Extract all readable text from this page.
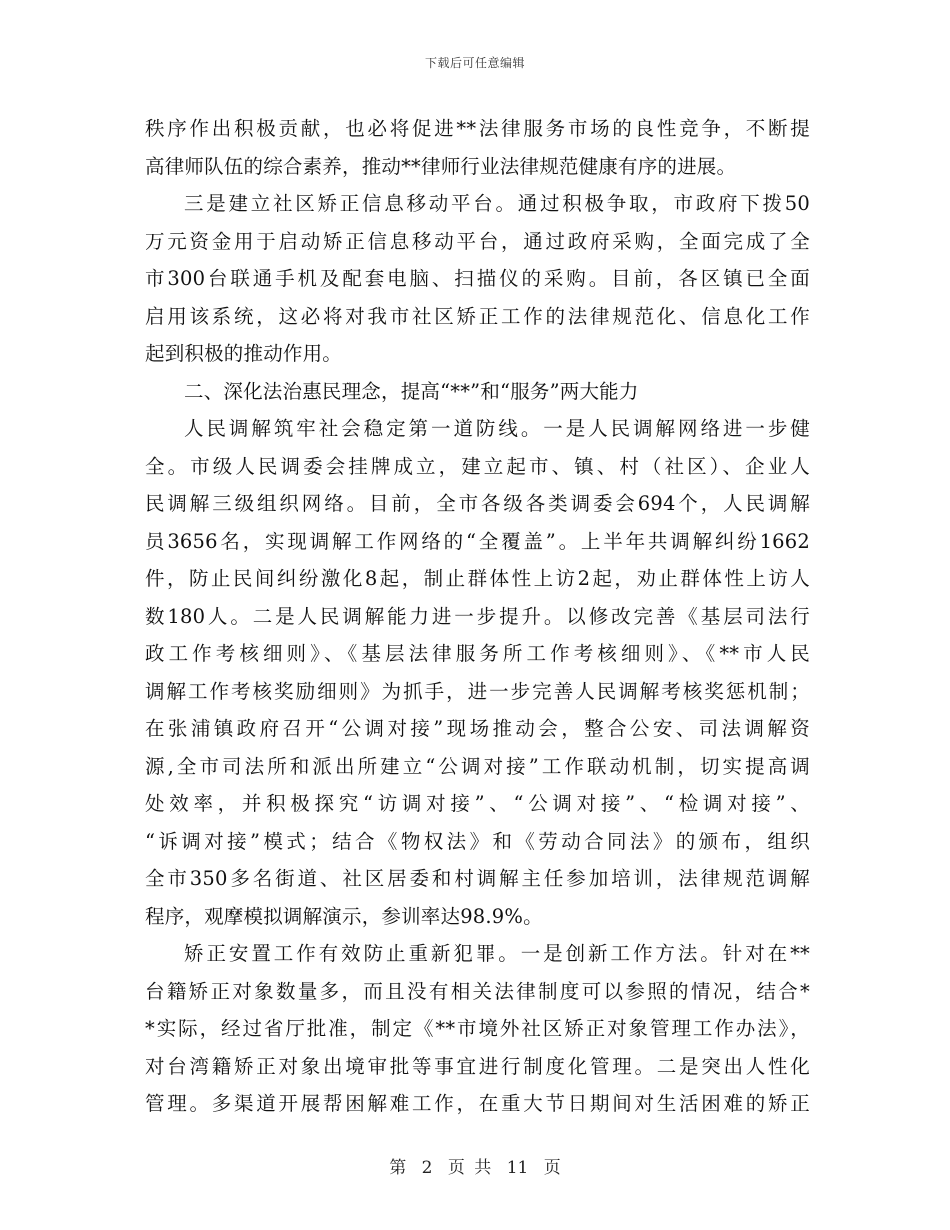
下载后可任意编辑
秩序作出积极贡献，也必将促进**法律服务市场的良性竞争，不断提
高律师队伍的综合素养，推动**律师行业法律规范健康有序的进展。
三是建立社区矫正信息移动平台。通过积极争取，市政府下拨50
万元资金用于启动矫正信息移动平台，通过政府采购，全面完成了全
市300台联通手机及配套电脑、扫描仪的采购。目前，各区镇已全面
启用该系统，这必将对我市社区矫正工作的法律规范化、信息化工作
起到积极的推动作用。
二、深化法治惠民理念，提高“**”和“服务”两大能力
人民调解筑牢社会稳定第一道防线。一是人民调解网络进一步健
全。市级人民调委会挂牌成立，建立起市、镇、村（社区）、企业人
民调解三级组织网络。目前，全市各级各类调委会694个，人民调解
员3656名，实现调解工作网络的“全覆盖”。上半年共调解纠纷1662
件，防止民间纠纷激化8起，制止群体性上访2起，劝止群体性上访人
数180人。二是人民调解能力进一步提升。以修改完善《基层司法行
政工作考核细则》、《基层法律服务所工作考核细则》、《**市人民
调解工作考核奖励细则》为抓手，进一步完善人民调解考核奖惩机制；
在张浦镇政府召开“公调对接”现场推动会，整合公安、司法调解资
源,全市司法所和派出所建立“公调对接”工作联动机制，切实提高调
处效率，并积极探究“访调对接”、“公调对接”、“检调对接”、
“诉调对接”模式；结合《物权法》和《劳动合同法》的颁布，组织
全市350多名街道、社区居委和村调解主任参加培训，法律规范调解
程序，观摩模拟调解演示，参训率达98.9%。
矫正安置工作有效防止重新犯罪。一是创新工作方法。针对在**
台籍矫正对象数量多，而且没有相关法律制度可以参照的情况，结合*
*实际，经过省厅批准，制定《**市境外社区矫正对象管理工作办法》，
对台湾籍矫正对象出境审批等事宜进行制度化管理。二是突出人性化
管理。多渠道开展帮困解难工作，在重大节日期间对生活困难的矫正
第 2 页 共 11 页
